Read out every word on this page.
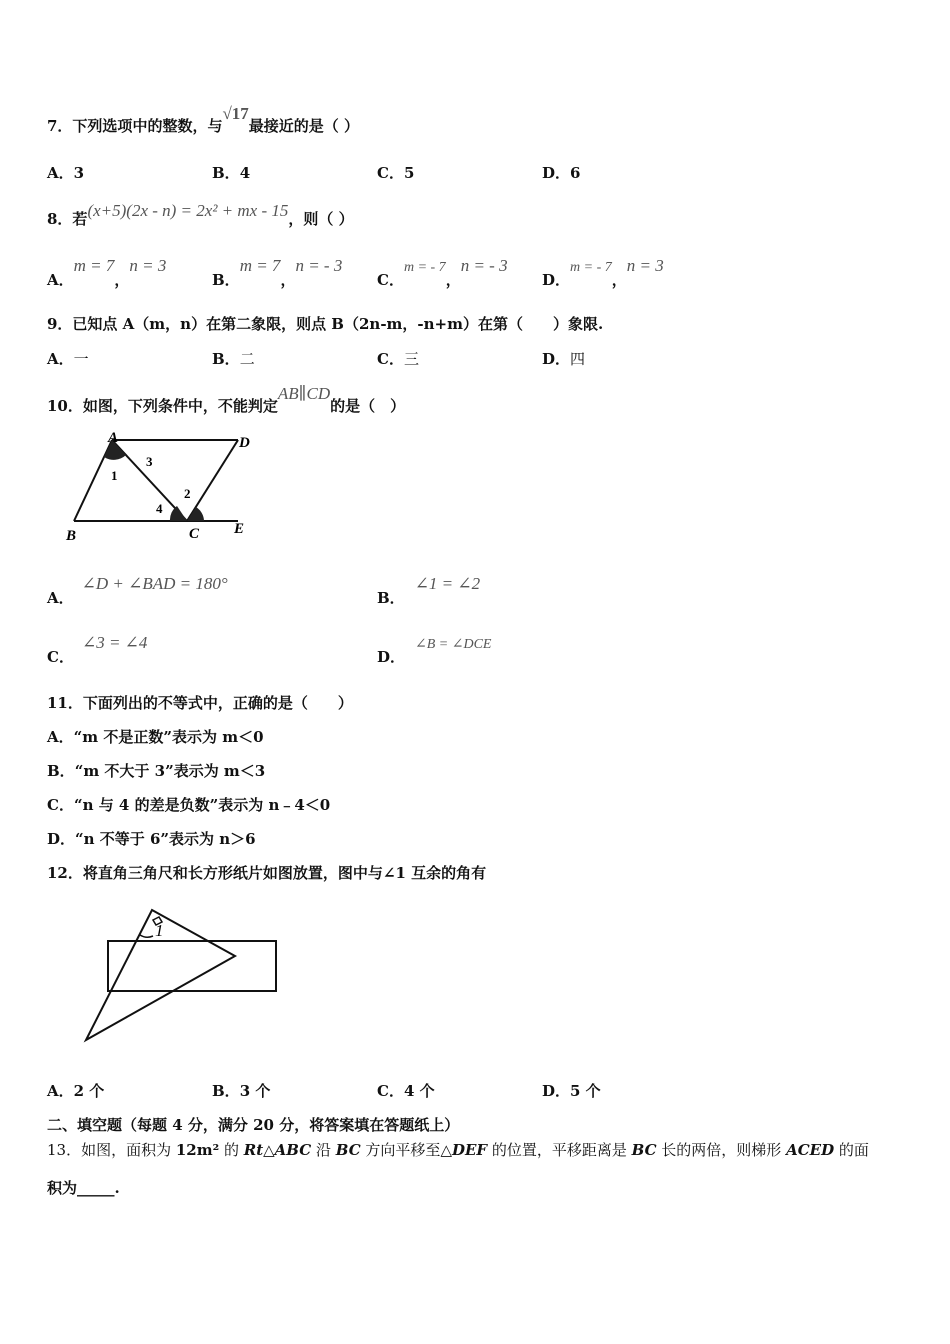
7．下列选项中的整数，与√17最接近的是（ ）
A．3	B．4	C．5	D．6
8．若(x+5)(2x - n) = 2x² + mx - 15，则（ ）
A．m = 7，n = 3
B．m = 7，n = - 3
C．m = - 7，n = - 3
D．m = - 7，n = 3
9．已知点 A（m，n）在第二象限，则点 B（2n-m，-n+m）在第（　　）象限.
A．一	B．二	C．三	D．四
10．如图，下列条件中，不能判定AB∥CD的是（　）
A	D
B	C E
1
2
3
4
A．∠D + ∠BAD = 180°
B．∠1 = ∠2
C．∠3 = ∠4
D．∠B = ∠DCE
11．下面列出的不等式中，正确的是（　　）
A．“m 不是正数”表示为 m＜0
B．“m 不大于 3”表示为 m＜3
C．“n 与 4 的差是负数”表示为 n﹣4＜0
D．“n 不等于 6”表示为 n＞6
12．将直角三角尺和长方形纸片如图放置，图中与∠1 互余的角有
1
A．2 个	B．3 个	C．4 个	D．5 个
二、填空题（每题 4 分，满分 20 分，将答案填在答题纸上）
13．如图，面积为 12m² 的 Rt△ABC 沿 BC 方向平移至△DEF 的位置，平移距离是 BC 长的两倍，则梯形 ACED 的面
积为_____.
